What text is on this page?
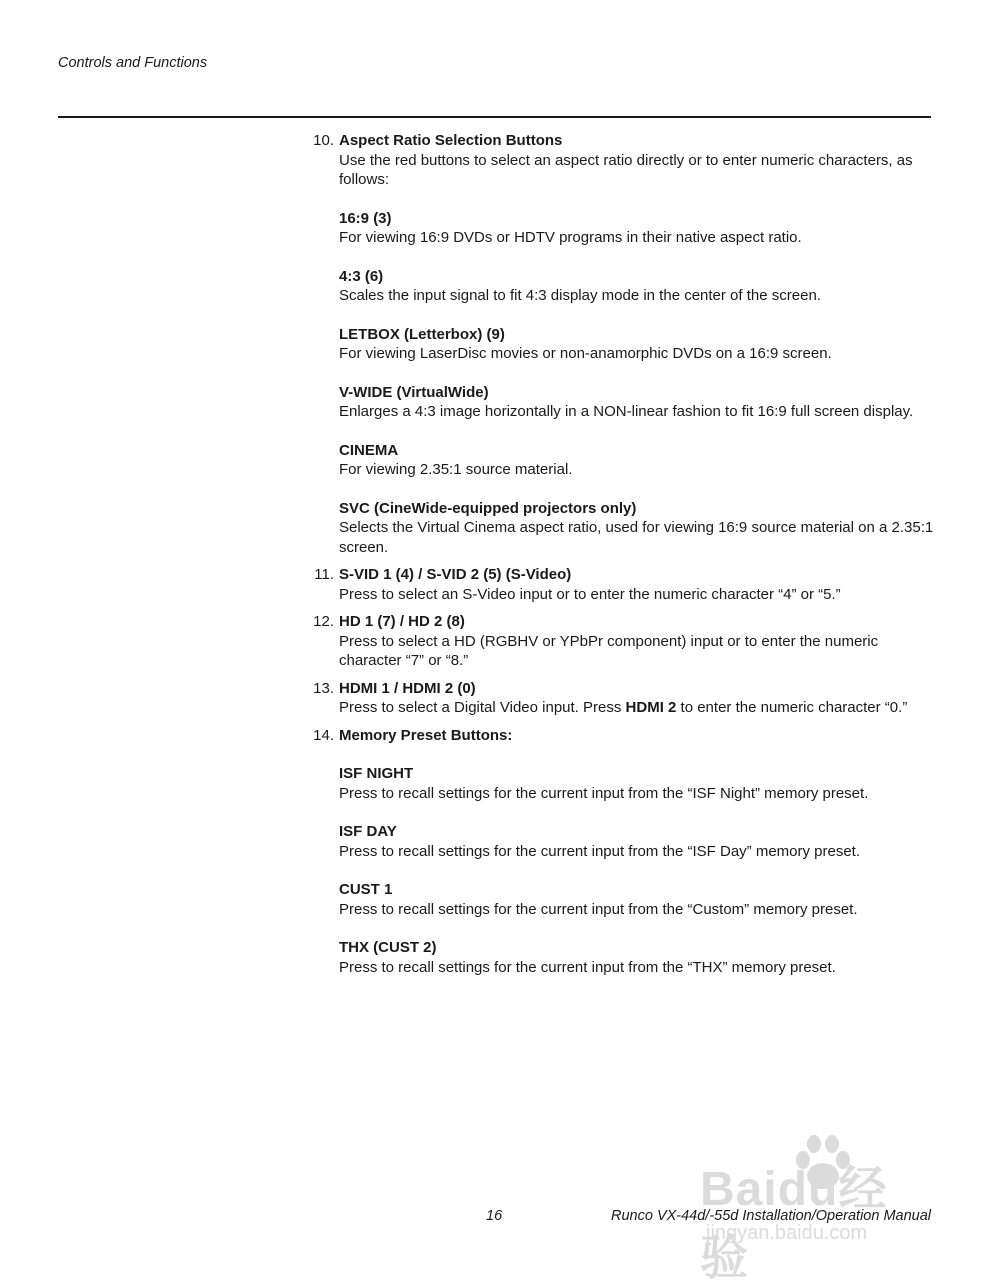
Controls and Functions
10. Aspect Ratio Selection Buttons
Use the red buttons to select an aspect ratio directly or to enter numeric characters, as follows:
16:9 (3)
For viewing 16:9 DVDs or HDTV programs in their native aspect ratio.
4:3 (6)
Scales the input signal to fit 4:3 display mode in the center of the screen.
LETBOX (Letterbox) (9)
For viewing LaserDisc movies or non-anamorphic DVDs on a 16:9 screen.
V-WIDE (VirtualWide)
Enlarges a 4:3 image horizontally in a NON-linear fashion to fit 16:9 full screen display.
CINEMA
For viewing 2.35:1 source material.
SVC (CineWide-equipped projectors only)
Selects the Virtual Cinema aspect ratio, used for viewing 16:9 source material on a 2.35:1 screen.
11. S-VID 1 (4) / S-VID 2 (5) (S-Video)
Press to select an S-Video input or to enter the numeric character “4” or “5.”
12. HD 1 (7) / HD 2 (8)
Press to select a HD (RGBHV or YPbPr component) input or to enter the numeric character “7” or “8.”
13. HDMI 1 / HDMI 2 (0)
Press to select a Digital Video input. Press HDMI 2 to enter the numeric character “0.”
14. Memory Preset Buttons:
ISF NIGHT
Press to recall settings for the current input from the “ISF Night” memory preset.
ISF DAY
Press to recall settings for the current input from the “ISF Day” memory preset.
CUST 1
Press to recall settings for the current input from the “Custom” memory preset.
THX (CUST 2)
Press to recall settings for the current input from the “THX” memory preset.
Baidu经验
jingyan.baidu.com
16	Runco VX-44d/-55d Installation/Operation Manual
